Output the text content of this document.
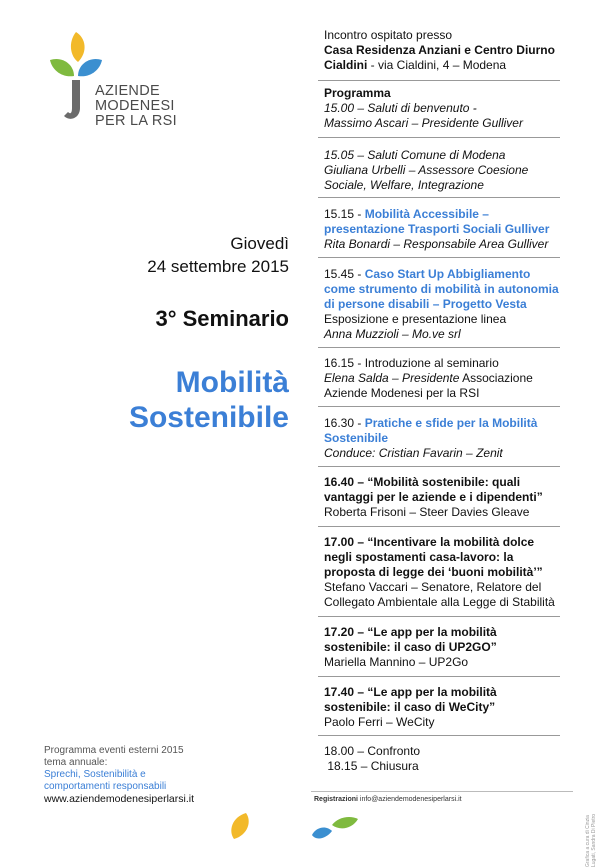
AZIENDE
MODENESI
PER LA RSI
Giovedì
24 settembre 2015
3° Seminario
Mobilità
Sostenibile
Incontro ospitato presso
Casa Residenza Anziani e Centro Diurno
Cialdini - via Cialdini, 4 – Modena
Programma
15.00 – Saluti di benvenuto -
Massimo Ascari – Presidente Gulliver
15.05 – Saluti Comune di Modena
Giuliana Urbelli – Assessore Coesione
Sociale, Welfare, Integrazione
15.15 - Mobilità Accessibile –
presentazione Trasporti Sociali Gulliver
Rita Bonardi – Responsabile Area Gulliver
15.45 - Caso Start Up Abbigliamento
come strumento di mobilità in autonomia
di persone disabili – Progetto Vesta
Esposizione e presentazione linea
Anna Muzzioli – Mo.ve srl
16.15 - Introduzione al seminario
Elena Salda – Presidente Associazione
Aziende Modenesi per la RSI
16.30 - Pratiche e sfide per la Mobilità
Sostenibile
Conduce: Cristian Favarin – Zenit
16.40 – “Mobilità sostenibile: quali
vantaggi per le aziende e i dipendenti”
Roberta Frisoni – Steer Davies Gleave
17.00 – “Incentivare la mobilità dolce
negli spostamenti casa-lavoro: la
proposta di legge dei ‘buoni mobilità’”
Stefano Vaccari – Senatore, Relatore del
Collegato Ambientale alla Legge di Stabilità
17.20 – “Le app per la mobilità
sostenibile: il caso di UP2GO”
Mariella Mannino – UP2Go
17.40 – “Le app per la mobilità
sostenibile: il caso di WeCity”
Paolo Ferri – WeCity
18.00 – Confronto
18.15 – Chiusura
Programma eventi esterni 2015
tema annuale:
Sprechi, Sostenibilità e
comportamenti responsabili
www.aziendemodenesiperlarsi.it	Registrazioni info@aziendemodenesiperlarsi.it
Grafica a cura di Cinzia Lugati, Sandra Di Pietro
